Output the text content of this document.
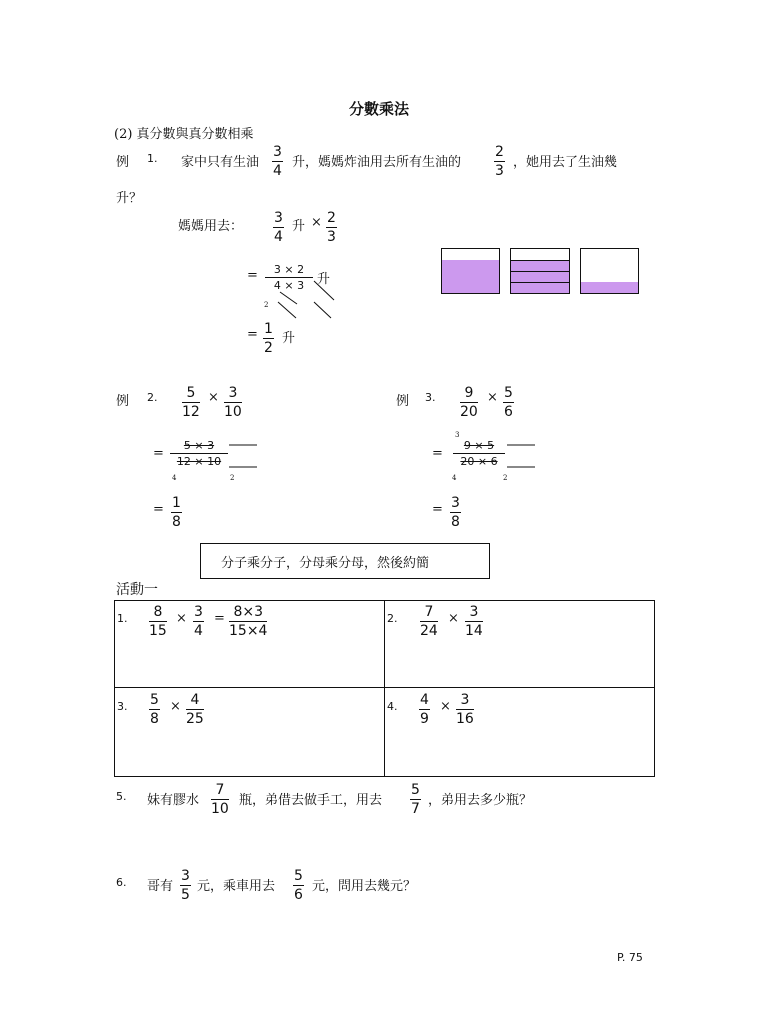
分數乘法
(2) 真分數與真分數相乘
例 1. 家中只有生油 $\frac{3}{4}$ 升，媽媽炸油用去所有生油的 $\frac{2}{3}$ ，她用去了生油幾
升？
媽媽用去： $\frac{3}{4}$ 升 × $\frac{2}{3}$
= $\frac{3 \times 2}{4 \times 3}$ 升
2
= $\frac{1}{2}$ 升
例 2. $\frac{5}{12} \times \frac{3}{10}$
= $\frac{5 \times 3}{12 \times 10}$
4	2
= $\frac{1}{8}$
例 3. $\frac{9}{20} \times \frac{5}{6}$
3
= $\frac{9 \times 5}{20 \times 6}$
4	2
= $\frac{3}{8}$
分子乘分子，分母乘分母，然後約簡
活動一
1. $\frac{8}{15} \times \frac{3}{4} = \frac{8\times 3}{15\times 4}$	2. $\frac{7}{24} \times \frac{3}{14}$
3. $\frac{5}{8} \times \frac{4}{25}$	4. $\frac{4}{9} \times \frac{3}{16}$
5. 妹有膠水 $\frac{7}{10}$ 瓶，弟借去做手工，用去 $\frac{5}{7}$ ，弟用去多少瓶？
6. 哥有 $\frac{3}{5}$ 元，乘車用去 $\frac{5}{6}$ 元，問用去幾元？
P. 75
